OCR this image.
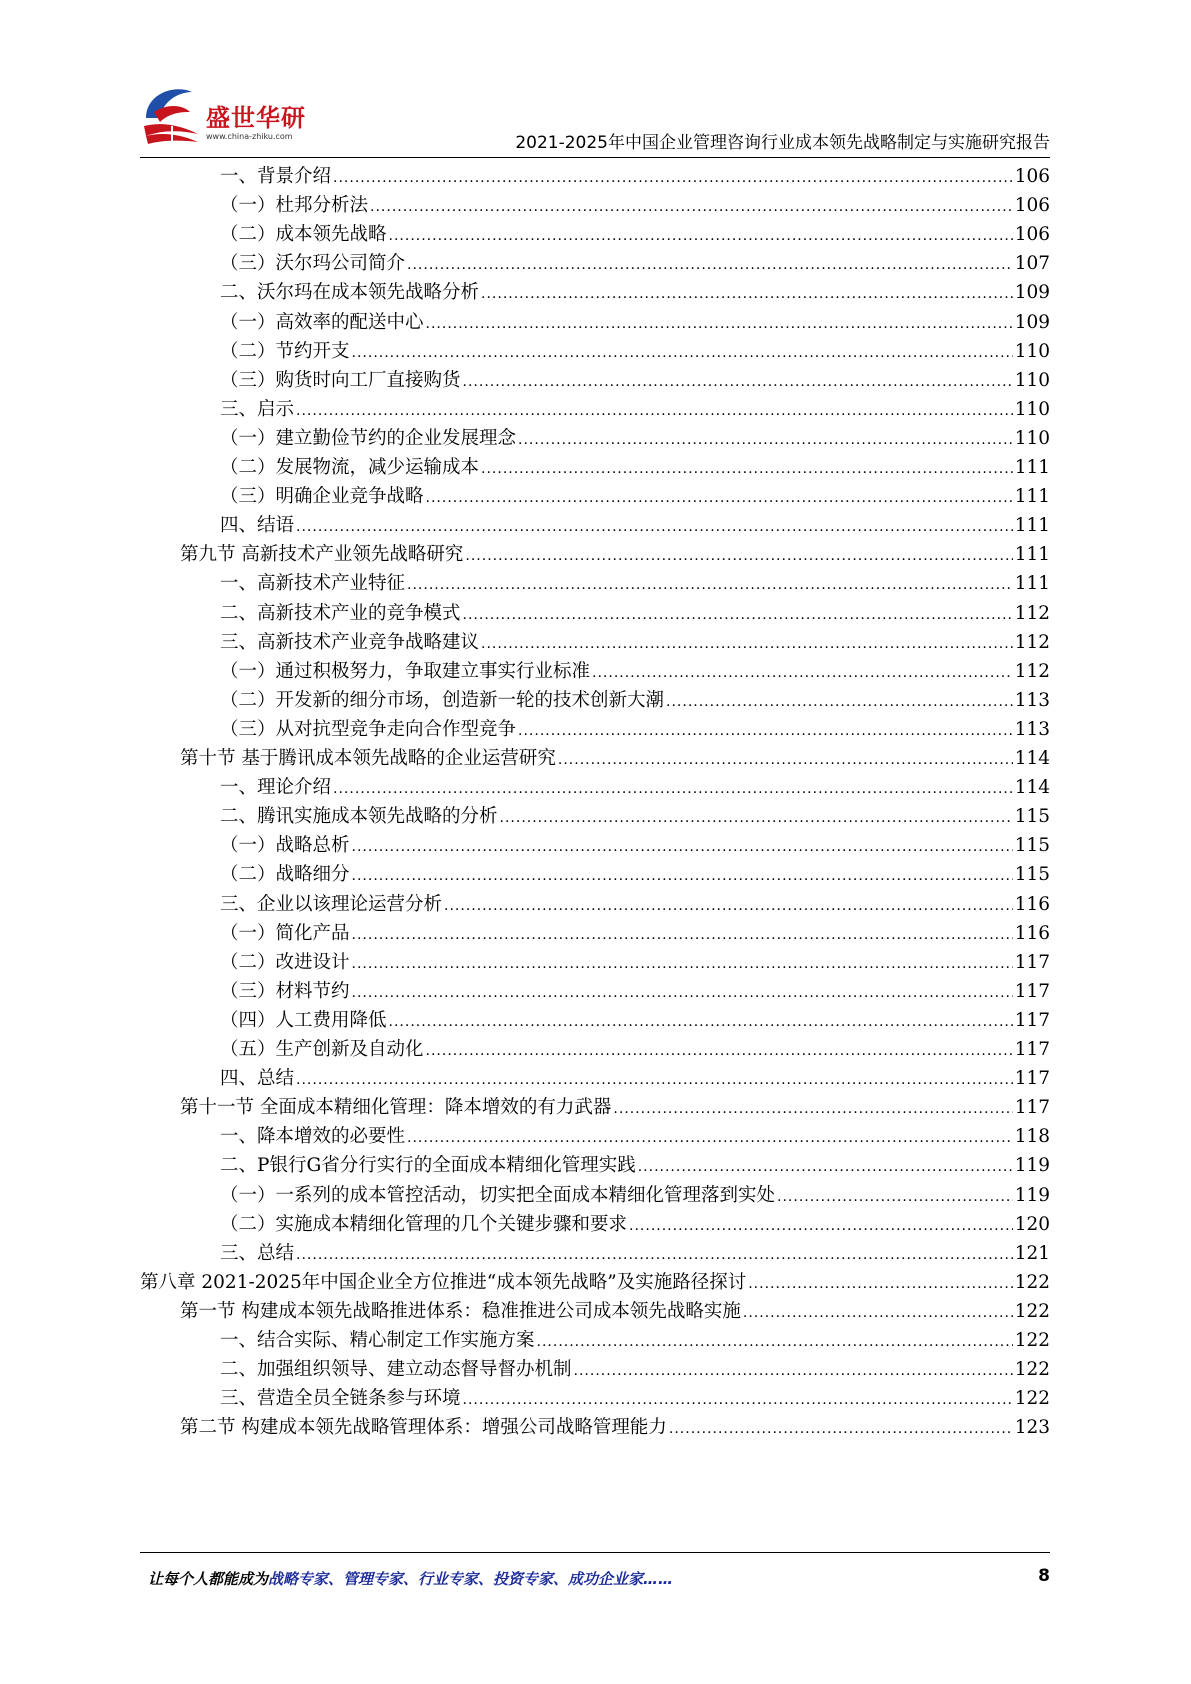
盛世华研
www.china-zhiku.com	2021-2025年中国企业管理咨询行业成本领先战略制定与实施研究报告
一、背景介绍 .....	106
（一）杜邦分析法 .....	106
（二）成本领先战略 .....	106
（三）沃尔玛公司简介 .....	107
二、沃尔玛在成本领先战略分析 .....	109
（一）高效率的配送中心 .....	109
（二）节约开支 .....	110
（三）购货时向工厂直接购货 .....	110
三、启示 .....	110
（一）建立勤俭节约的企业发展理念 .....	110
（二）发展物流，减少运输成本 .....	111
（三）明确企业竞争战略 .....	111
四、结语 .....	111
第九节 高新技术产业领先战略研究 .....	111
一、高新技术产业特征 .....	111
二、高新技术产业的竞争模式 .....	112
三、高新技术产业竞争战略建议 .....	112
（一）通过积极努力，争取建立事实行业标准 .....	112
（二）开发新的细分市场，创造新一轮的技术创新大潮 .....	113
（三）从对抗型竞争走向合作型竞争 .....	113
第十节 基于腾讯成本领先战略的企业运营研究 .....	114
一、理论介绍 .....	114
二、腾讯实施成本领先战略的分析 .....	115
（一）战略总析 .....	115
（二）战略细分 .....	115
三、企业以该理论运营分析 .....	116
（一）简化产品 .....	116
（二）改进设计 .....	117
（三）材料节约 .....	117
（四）人工费用降低 .....	117
（五）生产创新及自动化 .....	117
四、总结 .....	117
第十一节 全面成本精细化管理：降本增效的有力武器 .....	117
一、降本增效的必要性 .....	118
二、P银行G省分行实行的全面成本精细化管理实践 .....	119
（一）一系列的成本管控活动，切实把全面成本精细化管理落到实处 .....	119
（二）实施成本精细化管理的几个关键步骤和要求 .....	120
三、总结 .....	121
第八章 2021-2025年中国企业全方位推进“成本领先战略”及实施路径探讨 .....	122
第一节 构建成本领先战略推进体系：稳准推进公司成本领先战略实施 .....	122
一、结合实际、精心制定工作实施方案 .....	122
二、加强组织领导、建立动态督导督办机制 .....	122
三、营造全员全链条参与环境 .....	122
第二节 构建成本领先战略管理体系：增强公司战略管理能力 .....	123
让每个人都能成为战略专家、管理专家、行业专家、投资专家、成功企业家……	8
